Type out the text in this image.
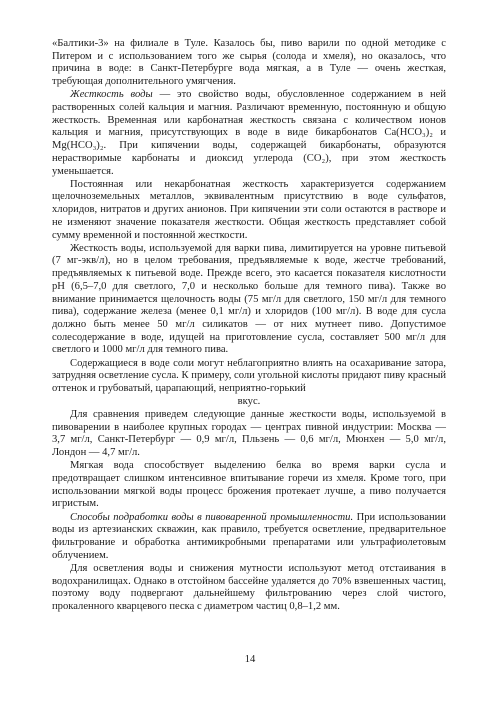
«Балтики-3» на филиале в Туле. Казалось бы, пиво варили по одной методике с Питером и с использованием того же сырья (солода и хмеля), но оказалось, что причина в воде: в Санкт-Петербурге вода мягкая, а в Туле — очень жесткая, требующая дополнительного умягчения.

Жесткость воды — это свойство воды, обусловленное содержанием в ней растворенных солей кальция и магния. Различают временную, постоянную и общую жесткость. Временная или карбонатная жесткость связана с количеством ионов кальция и магния, присутствующих в воде в виде бикарбонатов Ca(HCO₃)₂ и Mg(HCO₃)₂. При кипячении воды, содержащей бикарбонаты, образуются нерастворимые карбонаты и диоксид углерода (CO₂), при этом жесткость уменьшается.

Постоянная или некарбонатная жесткость характеризуется содержанием щелочноземельных металлов, эквивалентным присутствию в воде сульфатов, хлоридов, нитратов и других анионов. При кипячении эти соли остаются в растворе и не изменяют значение показателя жесткости. Общая жесткость представляет собой сумму временной и постоянной жесткости.

Жесткость воды, используемой для варки пива, лимитируется на уровне питьевой (7 мг-экв/л), но в целом требования, предъявляемые к воде, жестче требований, предъявляемых к питьевой воде. Прежде всего, это касается показателя кислотности pH (6,5–7,0 для светлого, 7,0 и несколько больше для темного пива). Также во внимание принимается щелочность воды (75 мг/л для светлого, 150 мг/л для темного пива), содержание железа (менее 0,1 мг/л) и хлоридов (100 мг/л). В воде для сусла должно быть менее 50 мг/л силикатов — от них мутнеет пиво. Допустимое солесодержание в воде, идущей на приготовление сусла, составляет 500 мг/л для светлого и 1000 мг/л для темного пива.

Содержащиеся в воде соли могут неблагоприятно влиять на осахаривание затора, затрудняя осветление сусла. К примеру, соли угольной кислоты придают пиву красный оттенок и грубоватый, царапающий, неприятно-горький
вкус.

Для сравнения приведем следующие данные жесткости воды, используемой в пивоварении в наиболее крупных городах — центрах пивной индустрии: Москва — 3,7 мг/л, Санкт-Петербург — 0,9 мг/л, Пльзень — 0,6 мг/л, Мюнхен — 5,0 мг/л, Лондон — 4,7 мг/л.

Мягкая вода способствует выделению белка во время варки сусла и предотвращает слишком интенсивное впитывание горечи из хмеля. Кроме того, при использовании мягкой воды процесс брожения протекает лучше, а пиво получается игристым.

Способы подработки воды в пивоваренной промышленности. При использовании воды из артезианских скважин, как правило, требуется осветление, предварительное фильтрование и обработка антимикробными препаратами или ультрафиолетовым облучением.

Для осветления воды и снижения мутности используют метод отстаивания в водохранилищах. Однако в отстойном бассейне удаляется до 70% взвешенных частиц, поэтому воду подвергают дальнейшему фильтрованию через слой чистого, прокаленного кварцевого песка с диаметром частиц 0,8–1,2 мм.

14
